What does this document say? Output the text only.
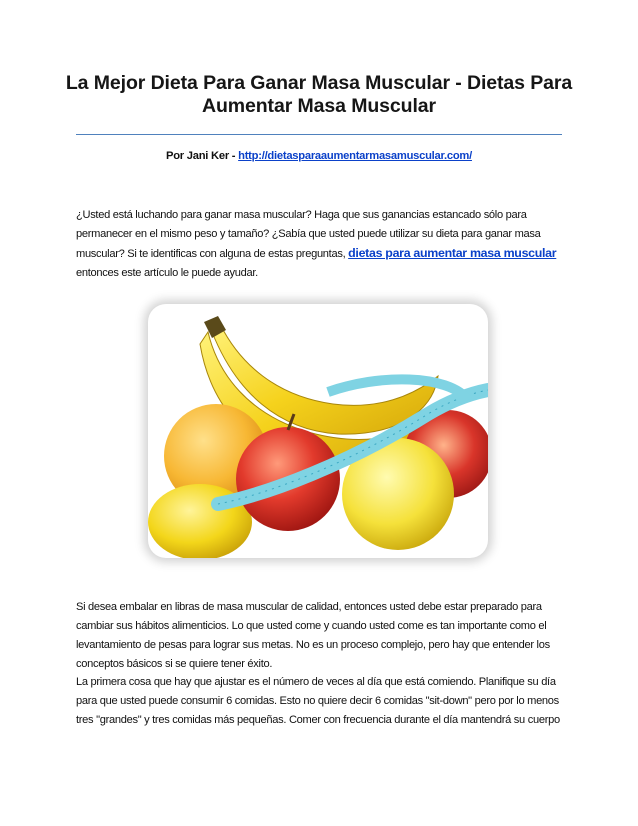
La Mejor Dieta Para Ganar Masa Muscular - Dietas Para
Aumentar Masa Muscular
Por Jani Ker - http://dietasparaaumentarmasamuscular.com/

¿Usted está luchando para ganar masa muscular? Haga que sus ganancias estancado sólo para permanecer en el mismo peso y tamaño? ¿Sabía que usted puede utilizar su dieta para ganar masa muscular? Si te identificas con alguna de estas preguntas, dietas para aumentar masa muscular entonces este artículo le puede ayudar.

Si desea embalar en libras de masa muscular de calidad, entonces usted debe estar preparado para cambiar sus hábitos alimenticios. Lo que usted come y cuando usted come es tan importante como el levantamiento de pesas para lograr sus metas. No es un proceso complejo, pero hay que entender los conceptos básicos si se quiere tener éxito.

La primera cosa que hay que ajustar es el número de veces al día que está comiendo. Planifique su día para que usted puede consumir 6 comidas. Esto no quiere decir 6 comidas "sit-down" pero por lo menos tres "grandes" y tres comidas más pequeñas. Comer con frecuencia durante el día mantendrá su cuerpo
